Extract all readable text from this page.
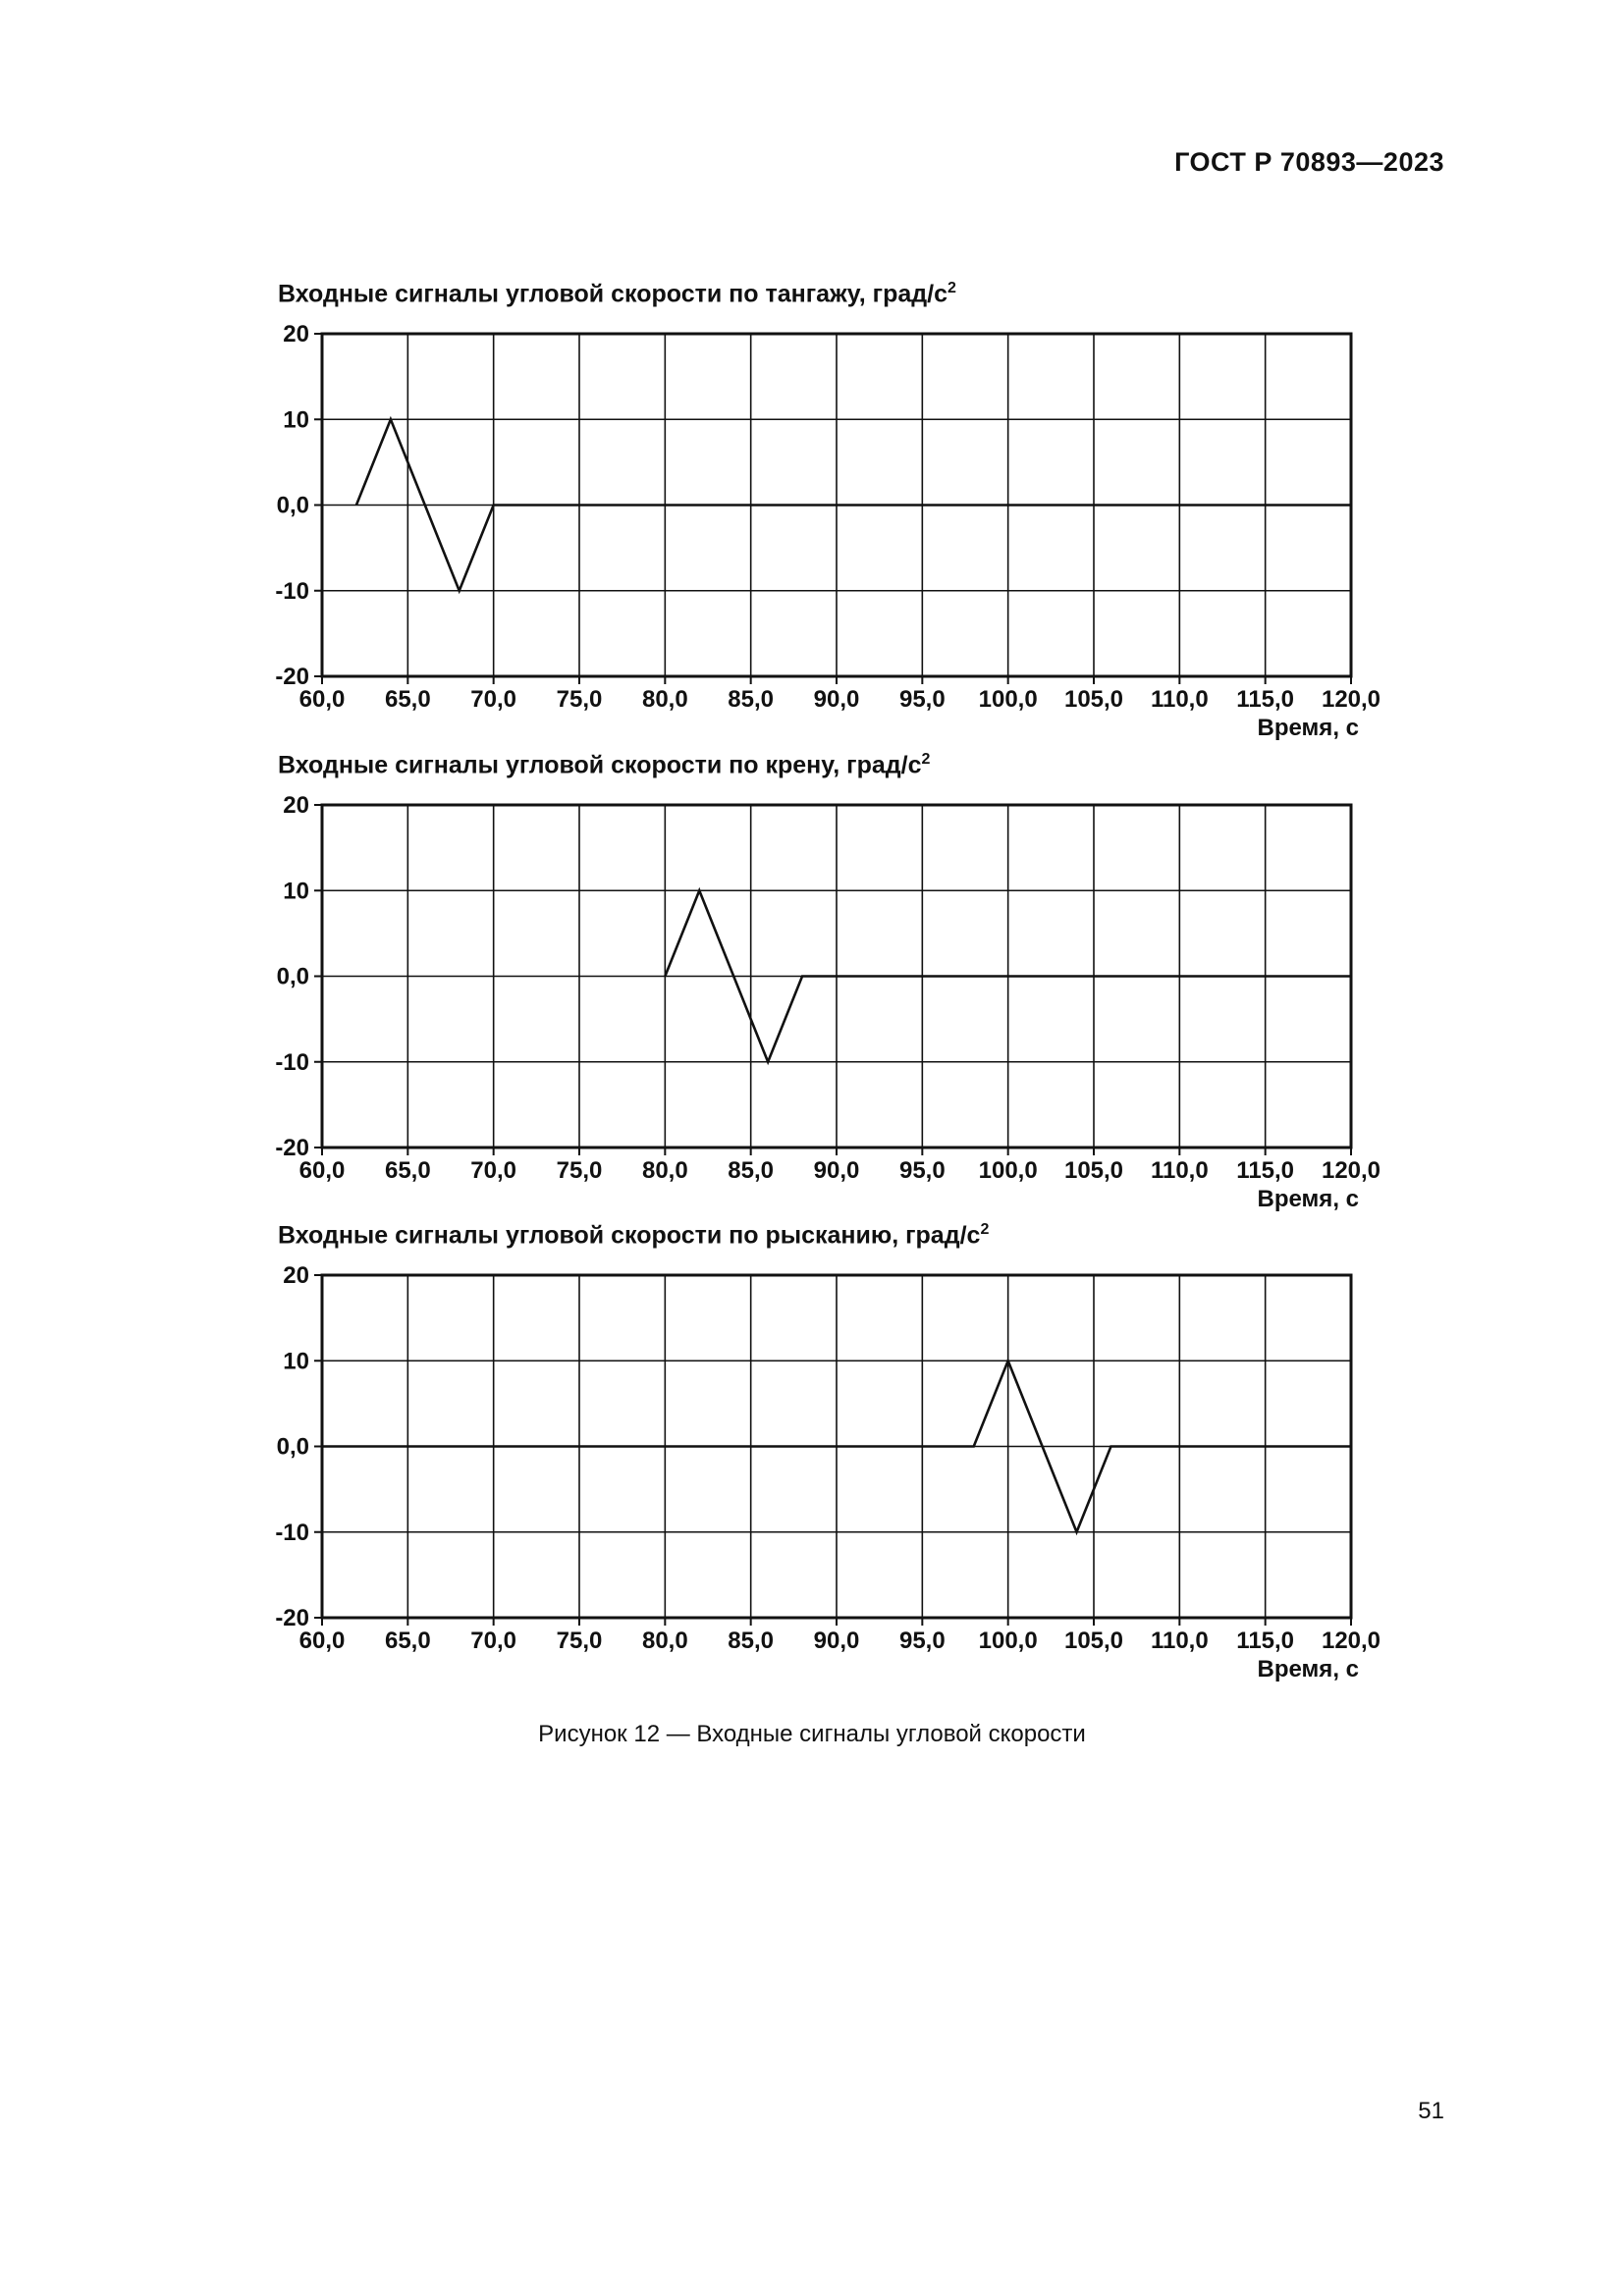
ГОСТ Р 70893—2023
Входные сигналы угловой скорости по тангажу, град/$с^2$
60,0 65,0 70,0 75,0 80,0 85,0 90,0 95,0 100,0 105,0 110,0 115,0 120,0
20
10
0,0
-10
-20
Время, с
Входные сигналы угловой скорости по крену, град/$с^2$
60,0 65,0 70,0 75,0 80,0 85,0 90,0 95,0 100,0 105,0 110,0 115,0 120,0
20
10
0,0
-10
-20
Время, с
Входные сигналы угловой скорости по рысканию, град/$с^2$
60,0 65,0 70,0 75,0 80,0 85,0 90,0 95,0 100,0 105,0 110,0 115,0 120,0
20
10
0,0
-10
-20
Время, с
Рисунок 12 — Входные сигналы угловой скорости
51
